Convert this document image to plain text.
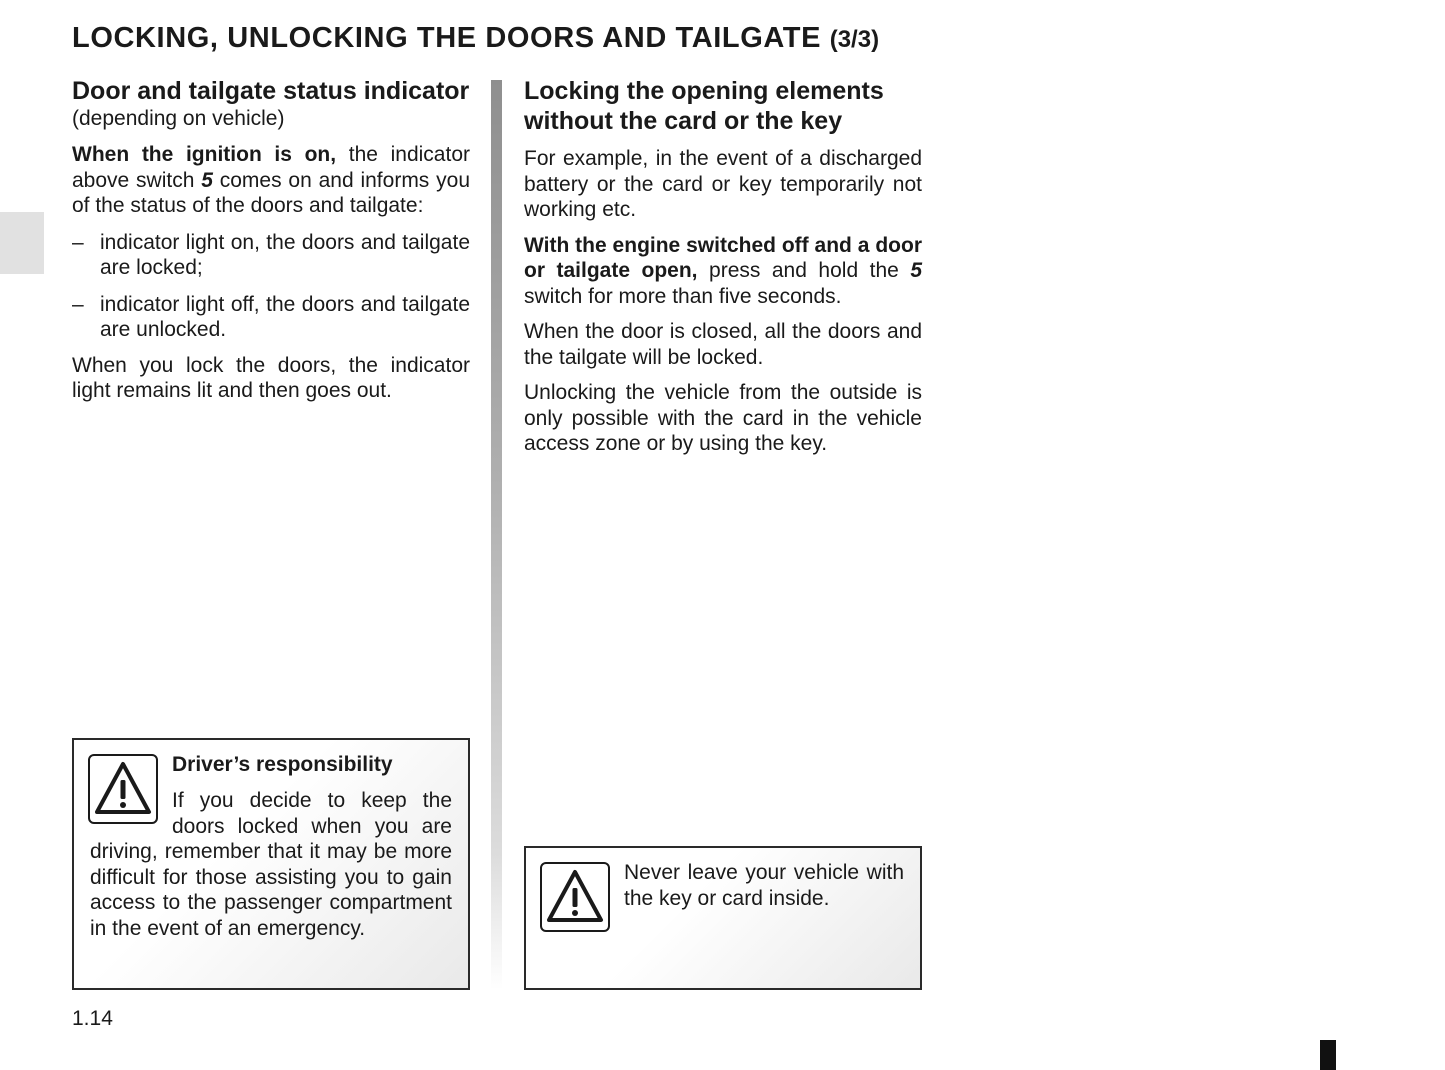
LOCKING, UNLOCKING THE DOORS AND TAILGATE (3/3)
Door and tailgate status indicator
(depending on vehicle)

When the ignition is on, the indicator above switch 5 comes on and informs you of the status of the doors and tailgate:

– indicator light on, the doors and tailgate are locked;
– indicator light off, the doors and tailgate are unlocked.

When you lock the doors, the indicator light remains lit and then goes out.

Locking the opening elements without the card or the key

For example, in the event of a discharged battery or the card or key temporarily not working etc.

With the engine switched off and a door or tailgate open, press and hold the 5 switch for more than five seconds.

When the door is closed, all the doors and the tailgate will be locked.

Unlocking the vehicle from the outside is only possible with the card in the vehicle access zone or by using the key.

Driver’s responsibility
If you decide to keep the doors locked when you are driving, remember that it may be more difficult for those assisting you to gain access to the passenger compartment in the event of an emergency.
Never leave your vehicle with the key or card inside.
1.14
